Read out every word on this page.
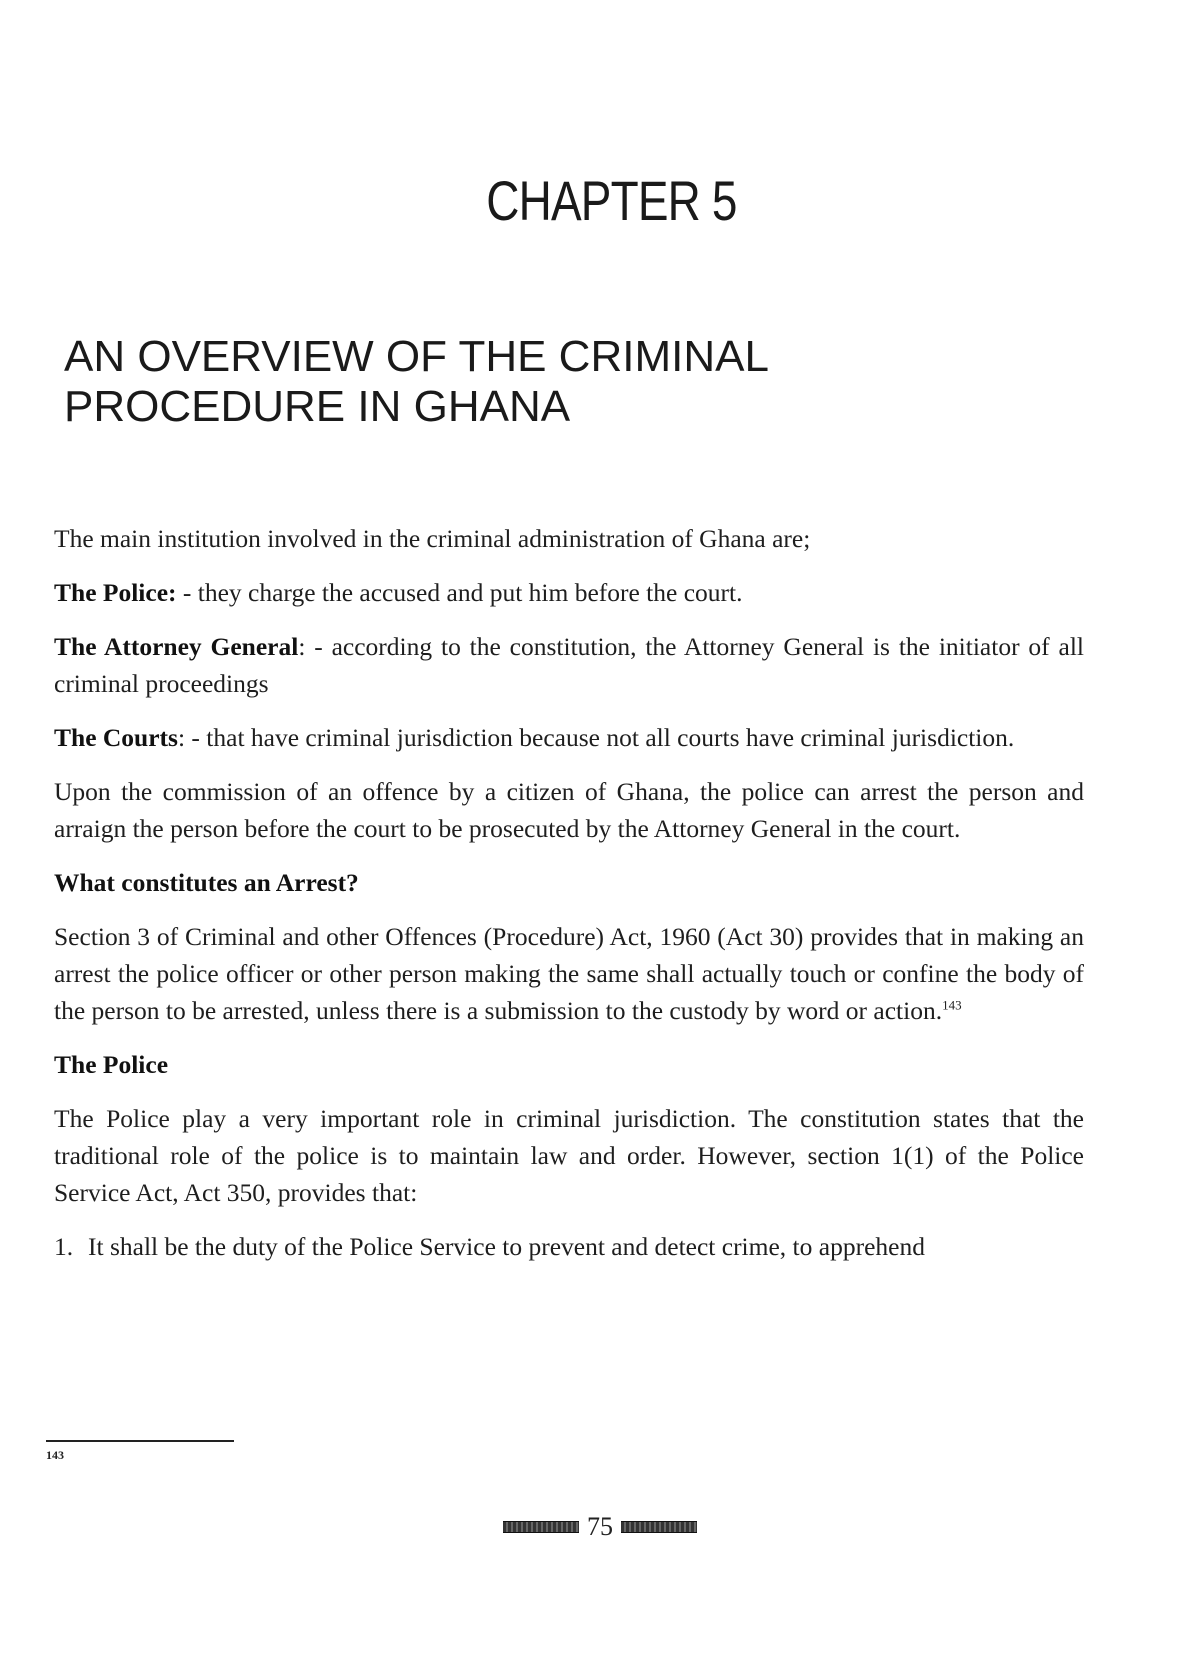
CHAPTER 5
AN OVERVIEW OF THE CRIMINAL
PROCEDURE IN GHANA

The main institution involved in the criminal administration of Ghana are;

The Police: - they charge the accused and put him before the court.

The Attorney General: - according to the constitution, the Attorney General is the initiator of all criminal proceedings

The Courts: - that have criminal jurisdiction because not all courts have criminal jurisdiction.

Upon the commission of an offence by a citizen of Ghana, the police can arrest the person and arraign the person before the court to be prosecuted by the Attorney General in the court.

What constitutes an Arrest?

Section 3 of Criminal and other Offences (Procedure) Act, 1960 (Act 30) provides that in making an arrest the police officer or other person making the same shall actually touch or confine the body of the person to be arrested, unless there is a submission to the custody by word or action.$^{143}$

The Police

The Police play a very important role in criminal jurisdiction. The constitution states that the traditional role of the police is to maintain law and order. However, section 1(1) of the Police Service Act, Act 350, provides that:

1. It shall be the duty of the Police Service to prevent and detect crime, to apprehend
143
75
